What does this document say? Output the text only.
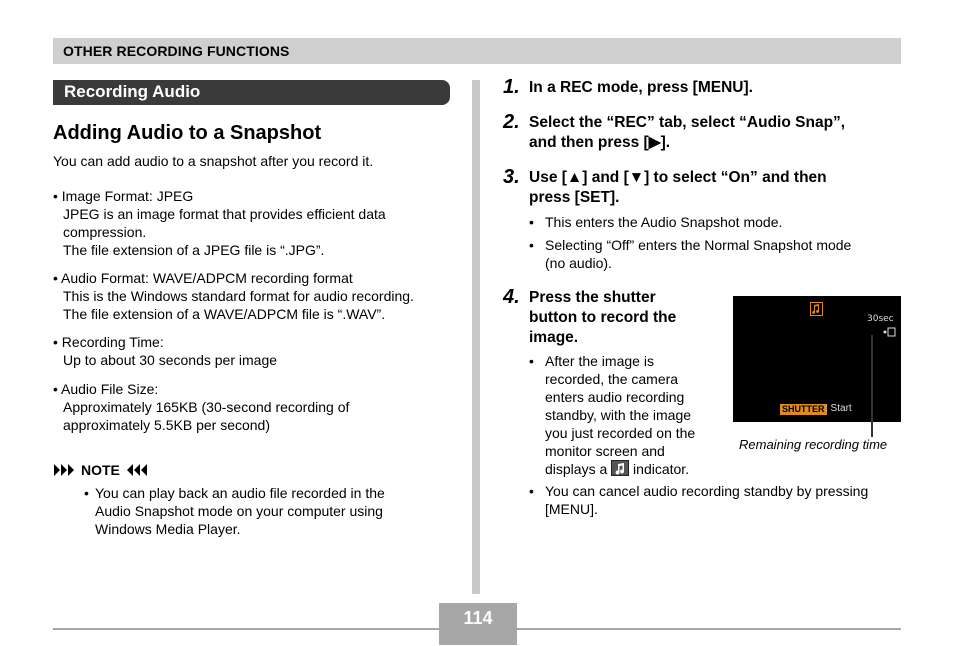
OTHER RECORDING FUNCTIONS
Recording Audio
Adding Audio to a Snapshot
You can add audio to a snapshot after you record it.
• Image Format: JPEG
JPEG is an image format that provides efficient data
compression.
The file extension of a JPEG file is “.JPG”.
• Audio Format: WAVE/ADPCM recording format
This is the Windows standard format for audio recording.
The file extension of a WAVE/ADPCM file is “.WAV”.
• Recording Time:
Up to about 30 seconds per image
• Audio File Size:
Approximately 165KB (30-second recording of
approximately 5.5KB per second)
NOTE
• You can play back an audio file recorded in the
Audio Snapshot mode on your computer using
Windows Media Player.
1. In a REC mode, press [MENU].
2. Select the “REC” tab, select “Audio Snap”,
and then press [▶].
3. Use [▲] and [▼] to select “On” and then
press [SET].
• This enters the Audio Snapshot mode.
• Selecting “Off” enters the Normal Snapshot mode
(no audio).
4. Press the shutter
button to record the
image.
• After the image is
recorded, the camera
enters audio recording
standby, with the image
you just recorded on the
monitor screen and
displays a indicator.
• You can cancel audio recording standby by pressing
[MENU].
30sec
SHUTTER : Start
Remaining recording time
114
